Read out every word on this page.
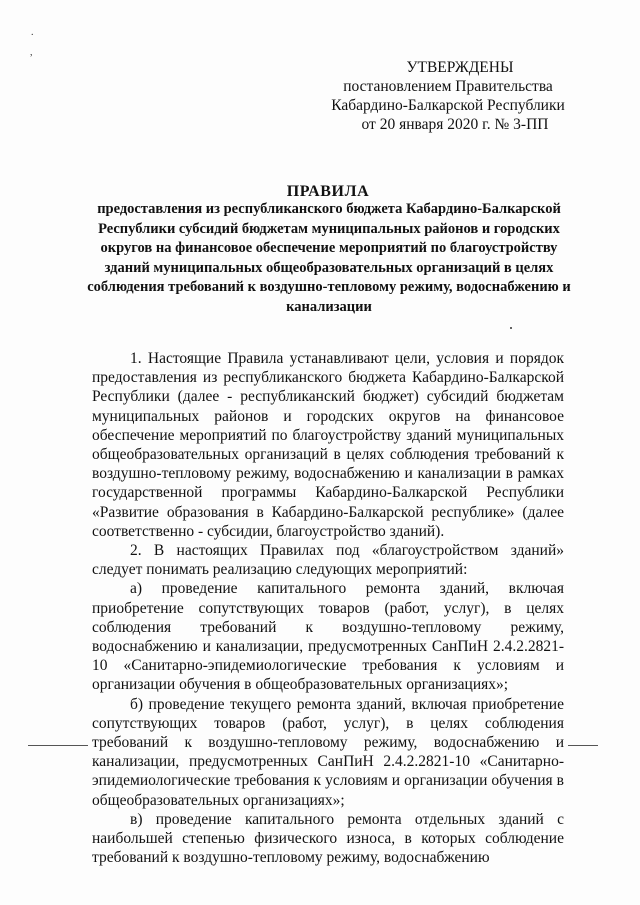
.
,
УТВЕРЖДЕНЫ
постановлением Правительства
Кабардино-Балкарской Республики
от 20 января 2020 г. № 3-ПП
ПРАВИЛА
предоставления из республиканского бюджета Кабардино-Балкарской Республики субсидий бюджетам муниципальных районов и городских округов на финансовое обеспечение мероприятий по благоустройству зданий муниципальных общеобразовательных организаций в целях соблюдения требований к воздушно-тепловому режиму, водоснабжению и канализации

1. Настоящие Правила устанавливают цели, условия и порядок предоставления из республиканского бюджета Кабардино-Балкарской Республики (далее - республиканский бюджет) субсидий бюджетам муниципальных районов и городских округов на финансовое обеспечение мероприятий по благоустройству зданий муниципальных общеобразовательных организаций в целях соблюдения требований к воздушно-тепловому режиму, водоснабжению и канализации в рамках государственной программы Кабардино-Балкарской Республики «Развитие образования в Кабардино-Балкарской республике» (далее соответственно - субсидии, благоустройство зданий).

2. В настоящих Правилах под «благоустройством зданий» следует понимать реализацию следующих мероприятий:

а) проведение капитального ремонта зданий, включая приобретение сопутствующих товаров (работ, услуг), в целях соблюдения требований к воздушно-тепловому режиму, водоснабжению и канализации, предусмотренных СанПиН 2.4.2.2821-10 «Санитарно-эпидемиологические требования к условиям и организации обучения в общеобразовательных организациях»;

б) проведение текущего ремонта зданий, включая приобретение сопутствующих товаров (работ, услуг), в целях соблюдения требований к воздушно-тепловому режиму, водоснабжению и канализации, предусмотренных СанПиН 2.4.2.2821-10 «Санитарно-эпидемиологические требования к условиям и организации обучения в общеобразовательных организациях»;

в) проведение капитального ремонта отдельных зданий с наибольшей степенью физического износа, в которых соблюдение требований к воздушно-тепловому режиму, водоснабжению
